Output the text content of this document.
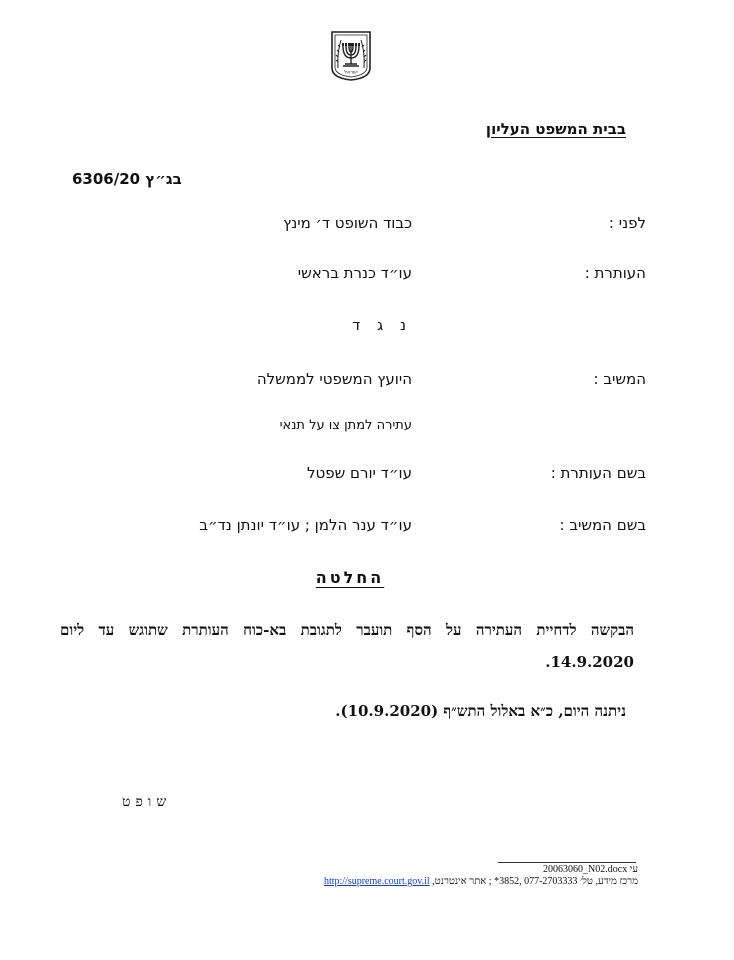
ישראל
בבית המשפט העליון
בג״ץ 6306/20
לפני :
כבוד השופט ד׳ מינץ
העותרת :
עו״ד כנרת בראשי
נ ג ד
המשיב :
היועץ המשפטי לממשלה
עתירה למתן צו על תנאי
בשם העותרת :
עו״ד יורם שפטל
בשם המשיב :
עו״ד ענר הלמן ; עו״ד יונתן נד״ב
החלטה
הבקשה לדחיית העתירה על הסף תועבר לתגובת בא-כוח העותרת שתוגש עד ליום 14.9.2020.
ניתנה היום, כ״א באלול התש״ף (10.9.2020).
שופט
20063060_N02.docx עי
מרכז מידע, טל׳ 077-2703333 ,3852* ; אתר אינטרנט, http://supreme.court.gov.il
